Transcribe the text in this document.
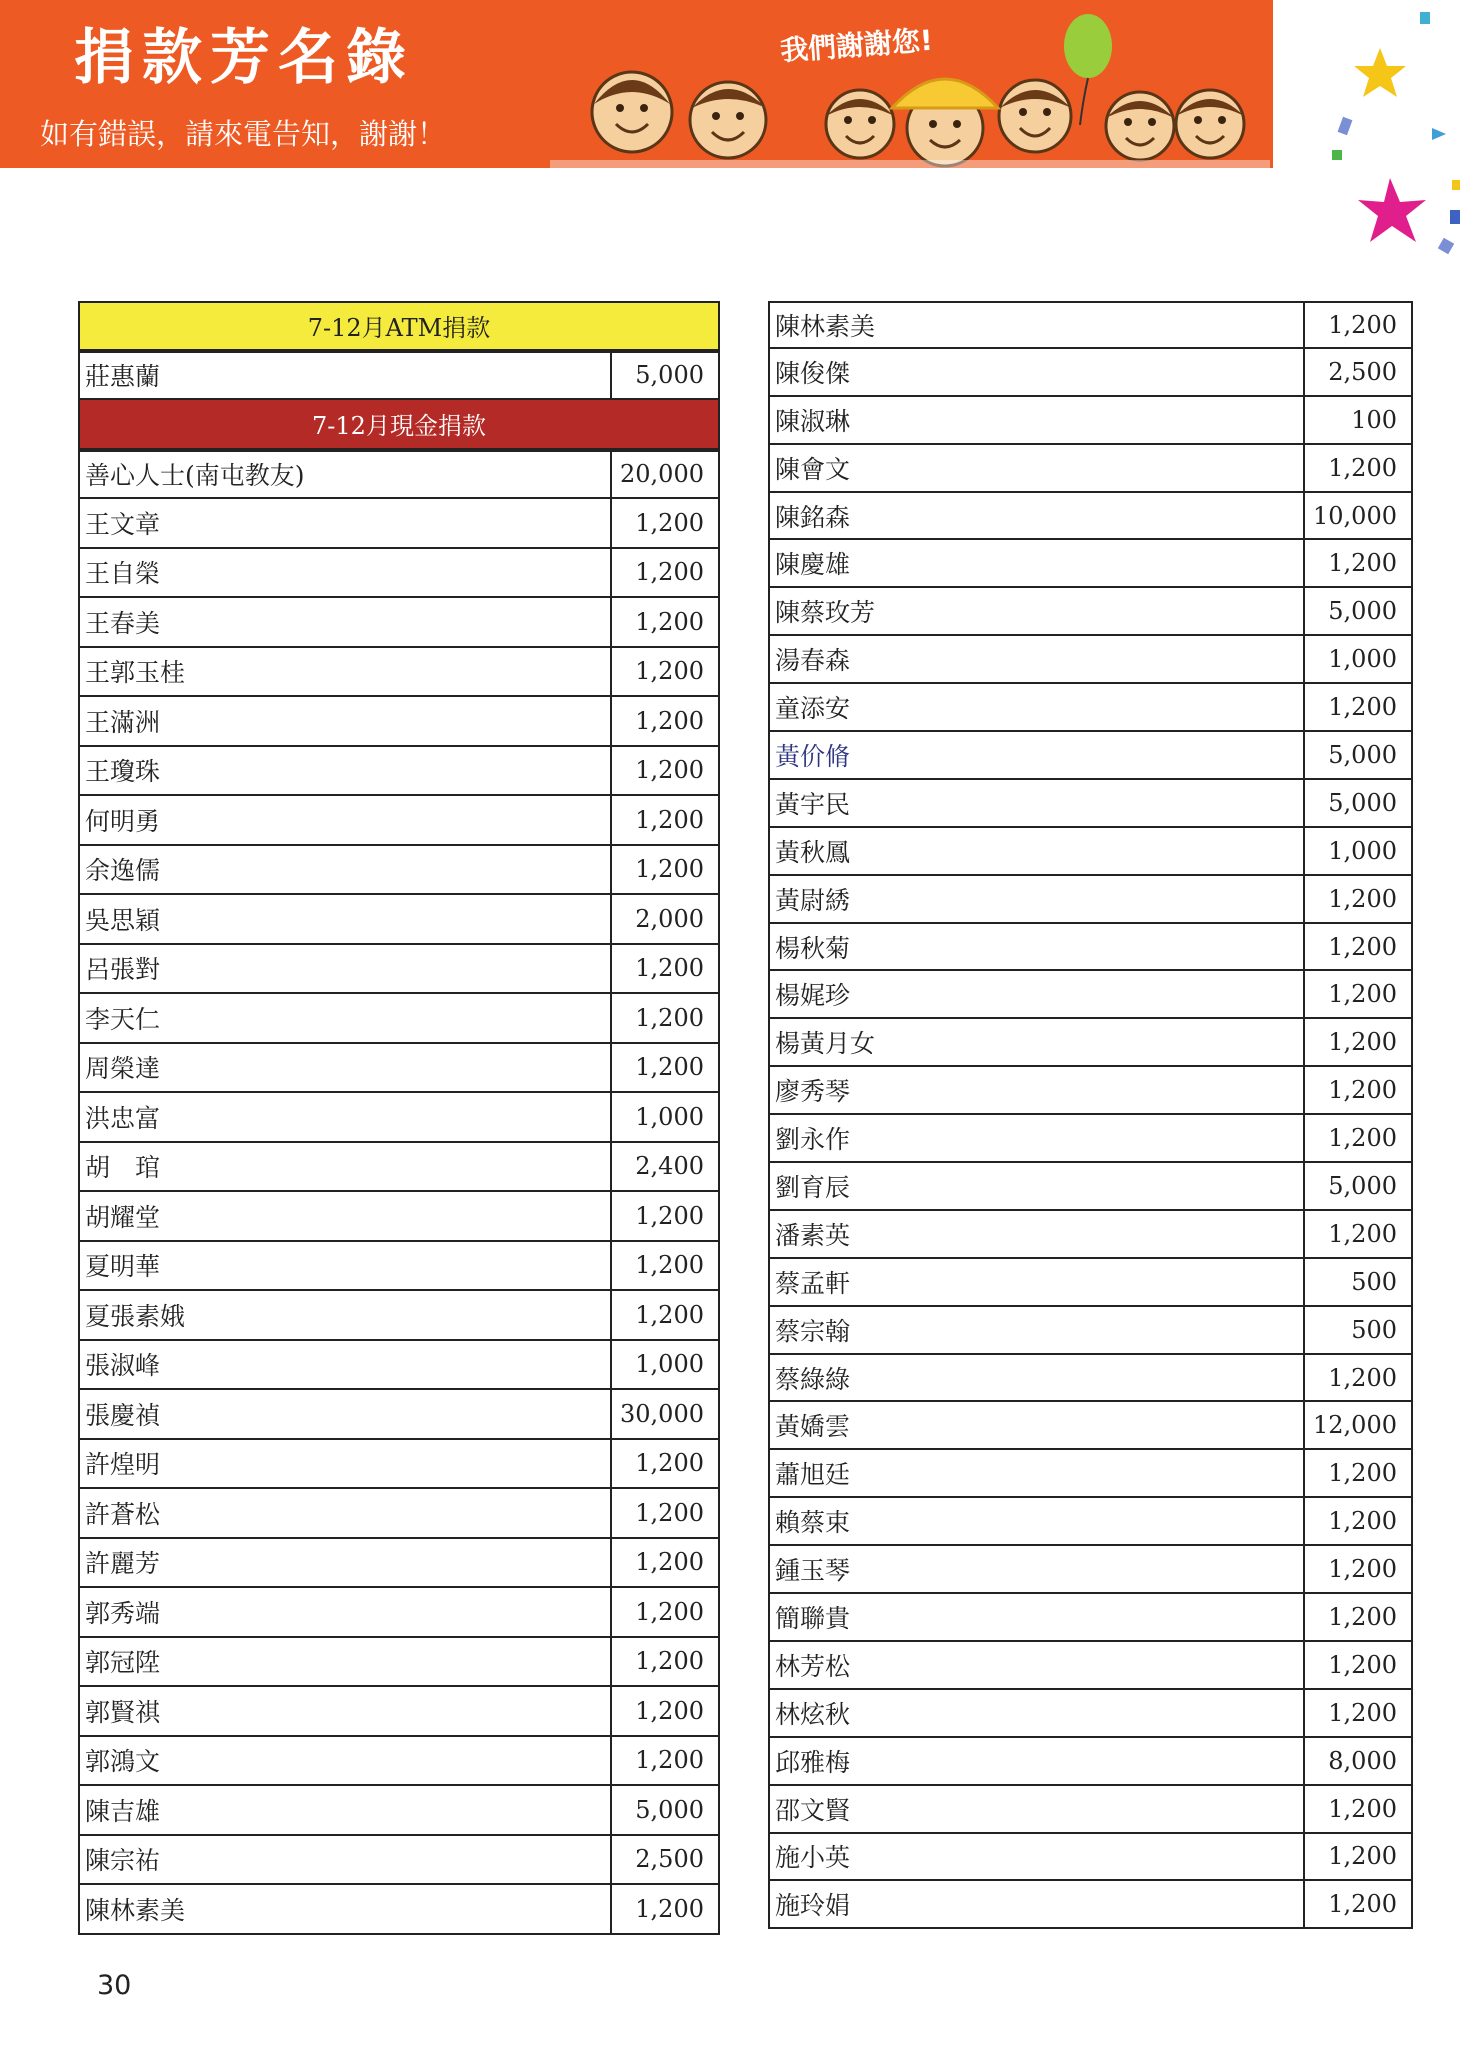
捐款芳名錄
如有錯誤，請來電告知，謝謝！
我們謝謝您!
7-12月ATM捐款
莊惠蘭	5,000
7-12月現金捐款
善心人士(南屯教友)	20,000
王文章	1,200
王自榮	1,200
王春美	1,200
王郭玉桂	1,200
王滿洲	1,200
王瓊珠	1,200
何明勇	1,200
余逸儒	1,200
吳思穎	2,000
呂張對	1,200
李天仁	1,200
周榮達	1,200
洪忠富	1,000
胡　琯	2,400
胡耀堂	1,200
夏明華	1,200
夏張素娥	1,200
張淑峰	1,000
張慶禎	30,000
許煌明	1,200
許蒼松	1,200
許麗芳	1,200
郭秀端	1,200
郭冠陞	1,200
郭賢祺	1,200
郭鴻文	1,200
陳吉雄	5,000
陳宗祐	2,500
陳林素美	1,200
陳林素美	1,200
陳俊傑	2,500
陳淑琳	100
陳會文	1,200
陳銘森	10,000
陳慶雄	1,200
陳蔡玫芳	5,000
湯春森	1,000
童添安	1,200
黃价脩	5,000
黃宇民	5,000
黃秋鳳	1,000
黃尉綉	1,200
楊秋菊	1,200
楊娓珍	1,200
楊黃月女	1,200
廖秀琴	1,200
劉永作	1,200
劉育辰	5,000
潘素英	1,200
蔡孟軒	500
蔡宗翰	500
蔡綠綠	1,200
黃嬌雲	12,000
蕭旭廷	1,200
賴蔡束	1,200
鍾玉琴	1,200
簡聯貴	1,200
林芳松	1,200
林炫秋	1,200
邱雅梅	8,000
邵文賢	1,200
施小英	1,200
施玲娟	1,200
30
